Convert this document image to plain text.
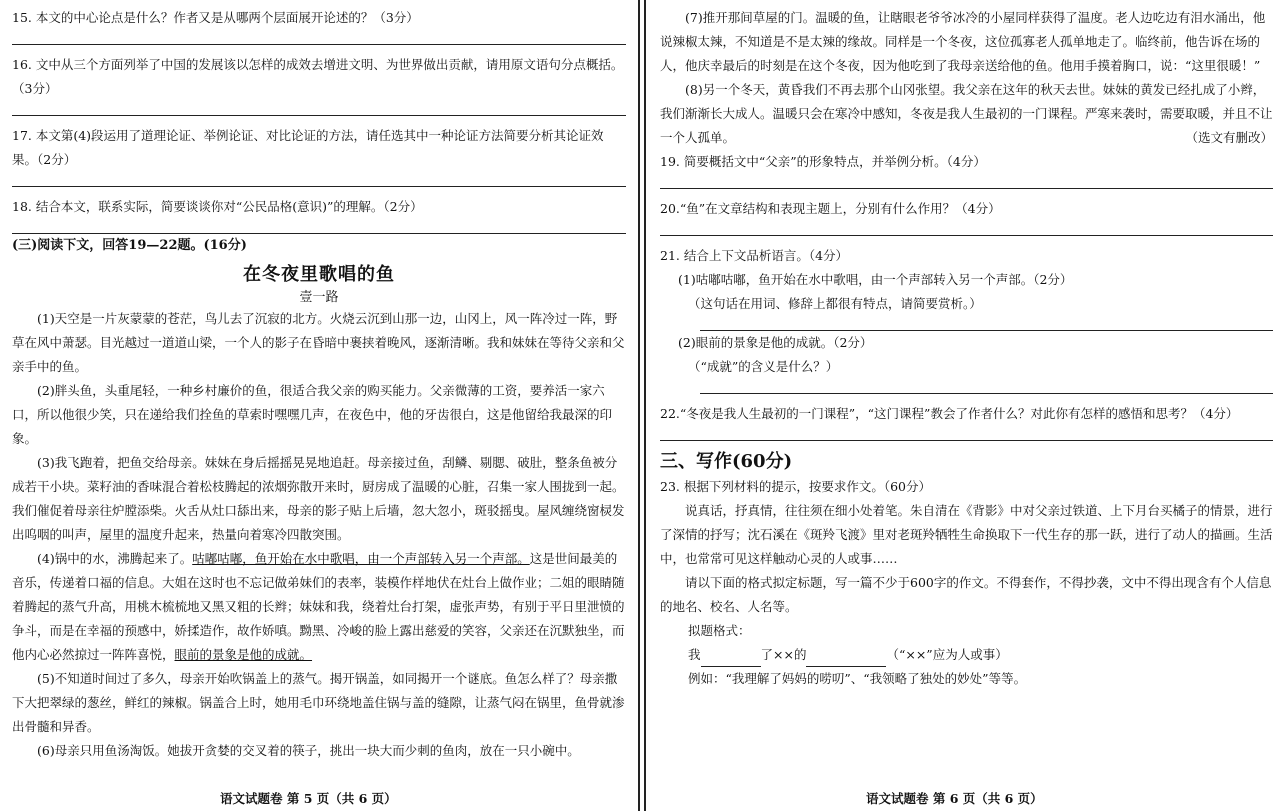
15. 本文的中心论点是什么？作者又是从哪两个层面展开论述的？（3分）

16. 文中从三个方面列举了中国的发展该以怎样的成效去增进文明、为世界做出贡献，请用原文语句分点概括。（3分）

17. 本文第(4)段运用了道理论证、举例论证、对比论证的方法，请任选其中一种论证方法简要分析其论证效果。（2分）

18. 结合本文，联系实际，简要谈谈你对“公民品格(意识)”的理解。（2分）

(三)阅读下文，回答19—22题。(16分)

在冬夜里歌唱的鱼

壹一路

(1)天空是一片灰蒙蒙的苍茫，鸟儿去了沉寂的北方。火烧云沉到山那一边，山冈上，风一阵冷过一阵，野草在风中萧瑟。目光越过一道道山梁，一个人的影子在昏暗中裹挟着晚风，逐渐清晰。我和妹妹在等待父亲和父亲手中的鱼。

(2)胖头鱼，头重尾轻，一种乡村廉价的鱼，很适合我父亲的购买能力。父亲微薄的工资，要养活一家六口，所以他很少笑，只在递给我们拴鱼的草索时嘿嘿几声，在夜色中，他的牙齿很白，这是他留给我最深的印象。

(3)我飞跑着，把鱼交给母亲。妹妹在身后摇摇晃晃地追赶。母亲接过鱼，刮鳞、剔腮、破肚，整条鱼被分成若干小块。菜籽油的香味混合着松枝腾起的浓烟弥散开来时，厨房成了温暖的心脏，召集一家人围拢到一起。我们催促着母亲往炉膛添柴。火舌从灶口舔出来，母亲的影子贴上后墙，忽大忽小，斑驳摇曳。屋风缠绕窗棂发出呜咽的叫声，屋里的温度升起来，热量向着寒冷四散突围。

(4)锅中的水，沸腾起来了。咕嘟咕嘟，鱼开始在水中歌唱，由一个声部转入另一个声部。这是世间最美的音乐，传递着口福的信息。大姐在这时也不忘记做弟妹们的表率，装模作样地伏在灶台上做作业；二姐的眼睛随着腾起的蒸气升高，用桃木梳梳地又黑又粗的长辫；妹妹和我，绕着灶台打架，虚张声势，有别于平日里泄愤的争斗，而是在幸福的预感中，娇揉造作，故作娇嗔。黝黑、冷峻的脸上露出慈爱的笑容，父亲还在沉默独坐，而他内心必然掠过一阵阵喜悦，眼前的景象是他的成就。

(5)不知道时间过了多久，母亲开始吹锅盖上的蒸气。揭开锅盖，如同揭开一个谜底。鱼怎么样了？母亲撒下大把翠绿的葱丝，鲜红的辣椒。锅盖合上时，她用毛巾环绕地盖住锅与盖的缝隙，让蒸气闷在锅里，鱼骨就渗出骨髓和异香。

(6)母亲只用鱼汤淘饭。她拔开贪婪的交叉着的筷子，挑出一块大而少刺的鱼肉，放在一只小碗中。

语文试题卷 第 5 页（共 6 页）

(7)推开那间草屋的门。温暖的鱼，让瞎眼老爷爷冰冷的小屋同样获得了温度。老人边吃边有泪水涌出，他说辣椒太辣，不知道是不是太辣的缘故。同样是一个冬夜，这位孤寡老人孤单地走了。临终前，他告诉在场的人，他庆幸最后的时刻是在这个冬夜，因为他吃到了我母亲送给他的鱼。他用手摸着胸口，说：“这里很暖！”

(8)另一个冬天，黄昏我们不再去那个山冈张望。我父亲在这年的秋天去世。妹妹的黄发已经扎成了小辫，我们渐渐长大成人。温暖只会在寒冷中感知，冬夜是我人生最初的一门课程。严寒来袭时，需要取暖，并且不让一个人孤单。	（选文有删改）

19. 简要概括文中“父亲”的形象特点，并举例分析。（4分）

20.“鱼”在文章结构和表现主题上，分别有什么作用？（4分）

21. 结合上下文品析语言。（4分）

(1)咕嘟咕嘟，鱼开始在水中歌唱，由一个声部转入另一个声部。（2分）

（这句话在用词、修辞上都很有特点，请简要赏析。）

(2)眼前的景象是他的成就。（2分）

（“成就”的含义是什么？）

22.“冬夜是我人生最初的一门课程”，“这门课程”教会了作者什么？对此你有怎样的感悟和思考？（4分）

三、写作(60分)

23. 根据下列材料的提示，按要求作文。（60分）

说真话，抒真情，往往须在细小处着笔。朱自清在《背影》中对父亲过铁道、上下月台买橘子的情景，进行了深情的抒写；沈石溪在《斑羚飞渡》里对老斑羚牺牲生命换取下一代生存的那一跃，进行了动人的描画。生活中，也常常可见这样触动心灵的人或事……

请以下面的格式拟定标题，写一篇不少于600字的作文。不得套作，不得抄袭，文中不得出现含有个人信息的地名、校名、人名等。

拟题格式：

我	了××的	（“××”应为人或事）

例如：“我理解了妈妈的唠叨”、“我领略了独处的妙处”等等。

语文试题卷 第 6 页（共 6 页）
